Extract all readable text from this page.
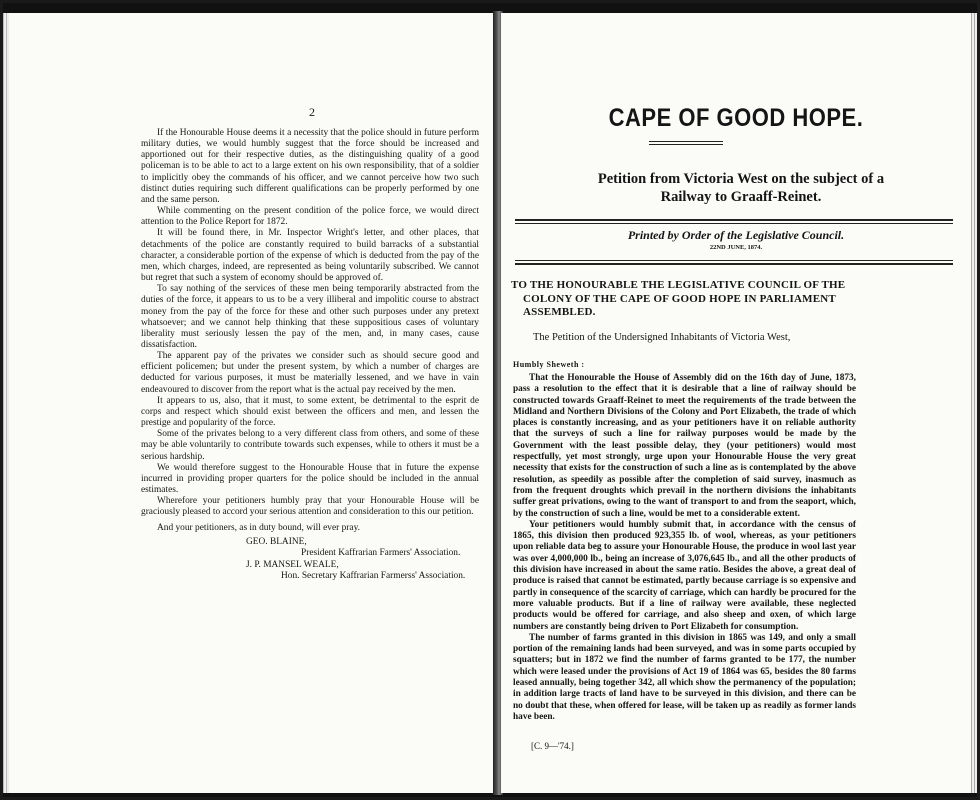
2

If the Honourable House deems it a necessity that the police should in future perform military duties, we would humbly suggest that the force should be increased and apportioned out for their respective duties, as the distinguishing quality of a good policeman is to be able to act to a large extent on his own responsibility, that of a soldier to implicitly obey the commands of his officer, and we cannot perceive how two such distinct duties requiring such different qualifications can be properly performed by one and the same person.

While commenting on the present condition of the police force, we would direct attention to the Police Report for 1872.

It will be found there, in Mr. Inspector Wright's letter, and other places, that detachments of the police are constantly required to build barracks of a substantial character, a considerable portion of the expense of which is deducted from the pay of the men, which charges, indeed, are represented as being voluntarily subscribed. We cannot but regret that such a system of economy should be approved of.

To say nothing of the services of these men being temporarily abstracted from the duties of the force, it appears to us to be a very illiberal and impolitic course to abstract money from the pay of the force for these and other such purposes under any pretext whatsoever; and we cannot help thinking that these suppositious cases of voluntary liberality must seriously lessen the pay of the men, and, in many cases, cause dissatisfaction.

The apparent pay of the privates we consider such as should secure good and efficient policemen; but under the present system, by which a number of charges are deducted for various purposes, it must be materially lessened, and we have in vain endeavoured to discover from the report what is the actual pay received by the men.

It appears to us, also, that it must, to some extent, be detrimental to the esprit de corps and respect which should exist between the officers and men, and lessen the prestige and popularity of the force.

Some of the privates belong to a very different class from others, and some of these may be able voluntarily to contribute towards such expenses, while to others it must be a serious hardship.

We would therefore suggest to the Honourable House that in future the expense incurred in providing proper quarters for the police should be included in the annual estimates.

Wherefore your petitioners humbly pray that your Honourable House will be graciously pleased to accord your serious attention and consideration to this our petition.

And your petitioners, as in duty bound, will ever pray.

GEO. BLAINE,
President Kaffrarian Farmers' Association.
J. P. MANSEL WEALE,
Hon. Secretary Kaffrarian Farmerss' Association.
CAPE OF GOOD HOPE.
Petition from Victoria West on the subject of a
Railway to Graaff-Reinet.
Printed by Order of the Legislative Council.
22ND JUNE, 1874.
TO THE HONOURABLE THE LEGISLATIVE COUNCIL OF THE
COLONY OF THE CAPE OF GOOD HOPE IN PARLIAMENT
ASSEMBLED.
The Petition of the Undersigned Inhabitants of Victoria West,
Humbly Sheweth :

That the Honourable the House of Assembly did on the 16th day of June, 1873, pass a resolution to the effect that it is desirable that a line of railway should be constructed towards Graaff-Reinet to meet the requirements of the trade between the Midland and Northern Divisions of the Colony and Port Elizabeth, the trade of which places is constantly increasing, and as your petitioners have it on reliable authority that the surveys of such a line for railway purposes would be made by the Government with the least possible delay, they (your petitioners) would most respectfully, yet most strongly, urge upon your Honourable House the very great necessity that exists for the construction of such a line as is contemplated by the above resolution, as speedily as possible after the completion of said survey, inasmuch as from the frequent droughts which prevail in the northern divisions the inhabitants suffer great privations, owing to the want of transport to and from the seaport, which, by the construction of such a line, would be met to a considerable extent.

Your petitioners would humbly submit that, in accordance with the census of 1865, this division then produced 923,355 lb. of wool, whereas, as your petitioners upon reliable data beg to assure your Honourable House, the produce in wool last year was over 4,000,000 lb., being an increase of 3,076,645 lb., and all the other products of this division have increased in about the same ratio. Besides the above, a great deal of produce is raised that cannot be estimated, partly because carriage is so expensive and partly in consequence of the scarcity of carriage, which can hardly be procured for the more valuable products. But if a line of railway were available, these neglected products would be offered for carriage, and also sheep and oxen, of which large numbers are constantly being driven to Port Elizabeth for consumption.

The number of farms granted in this division in 1865 was 149, and only a small portion of the remaining lands had been surveyed, and was in some parts occupied by squatters; but in 1872 we find the number of farms granted to be 177, the number which were leased under the provisions of Act 19 of 1864 was 65, besides the 80 farms leased annually, being together 342, all which show the permanency of the population; in addition large tracts of land have to be surveyed in this division, and there can be no doubt that these, when offered for lease, will be taken up as readily as former lands have been.

[C. 9—'74.]
